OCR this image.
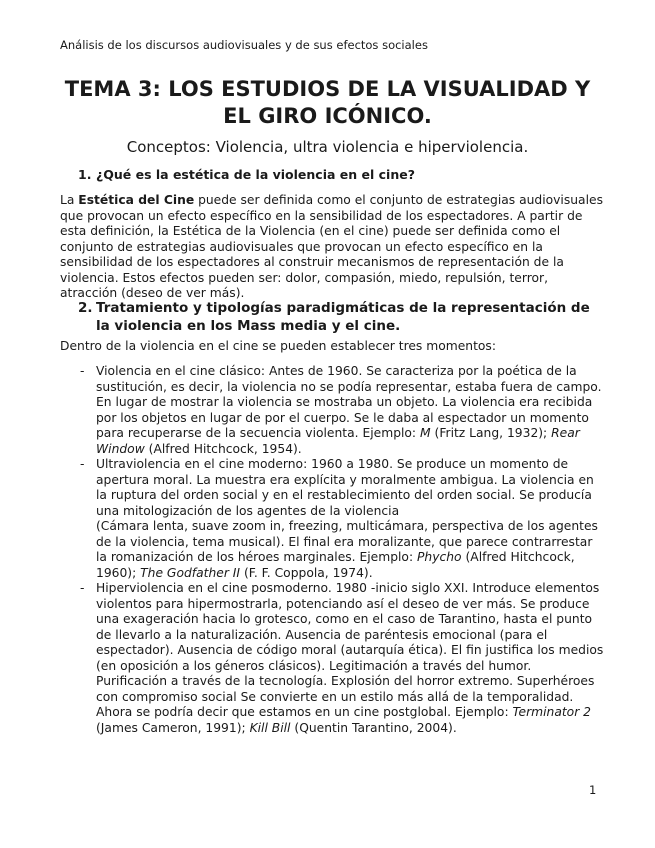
Análisis de los discursos audiovisuales y de sus efectos sociales
TEMA 3: LOS ESTUDIOS DE LA VISUALIDAD Y
EL GIRO ICÓNICO.
Conceptos: Violencia, ultra violencia e hiperviolencia.
1. ¿Qué es la estética de la violencia en el cine?

La Estética del Cine puede ser definida como el conjunto de estrategias audiovisuales que provocan un efecto específico en la sensibilidad de los espectadores. A partir de esta definición, la Estética de la Violencia (en el cine) puede ser definida como el conjunto de estrategias audiovisuales que provocan un efecto específico en la sensibilidad de los espectadores al construir mecanismos de representación de la violencia. Estos efectos pueden ser: dolor, compasión, miedo, repulsión, terror, atracción (deseo de ver más).

2. Tratamiento y tipologías paradigmáticas de la representación de la violencia en los Mass media y el cine.

Dentro de la violencia en el cine se pueden establecer tres momentos:

- Violencia en el cine clásico: Antes de 1960. Se caracteriza por la poética de la sustitución, es decir, la violencia no se podía representar, estaba fuera de campo. En lugar de mostrar la violencia se mostraba un objeto. La violencia era recibida por los objetos en lugar de por el cuerpo. Se le daba al espectador un momento para recuperarse de la secuencia violenta. Ejemplo: M (Fritz Lang, 1932); Rear Window (Alfred Hitchcock, 1954).
- Ultraviolencia en el cine moderno: 1960 a 1980. Se produce un momento de apertura moral. La muestra era explícita y moralmente ambigua. La violencia en la ruptura del orden social y en el restablecimiento del orden social. Se producía una mitologización de los agentes de la violencia
(Cámara lenta, suave zoom in, freezing, multicámara, perspectiva de los agentes de la violencia, tema musical). El final era moralizante, que parece contrarrestar la romanización de los héroes marginales. Ejemplo: Phycho (Alfred Hitchcock, 1960); The Godfather II (F. F. Coppola, 1974).
- Hiperviolencia en el cine posmoderno. 1980 -inicio siglo XXI. Introduce elementos violentos para hipermostrarla, potenciando así el deseo de ver más. Se produce una exageración hacia lo grotesco, como en el caso de Tarantino, hasta el punto de llevarlo a la naturalización. Ausencia de paréntesis emocional (para el espectador). Ausencia de código moral (autarquía ética). El fin justifica los medios (en oposición a los géneros clásicos). Legitimación a través del humor. Purificación a través de la tecnología. Explosión del horror extremo. Superhéroes con compromiso social Se convierte en un estilo más allá de la temporalidad. Ahora se podría decir que estamos en un cine postglobal. Ejemplo: Terminator 2 (James Cameron, 1991); Kill Bill (Quentin Tarantino, 2004).
1
